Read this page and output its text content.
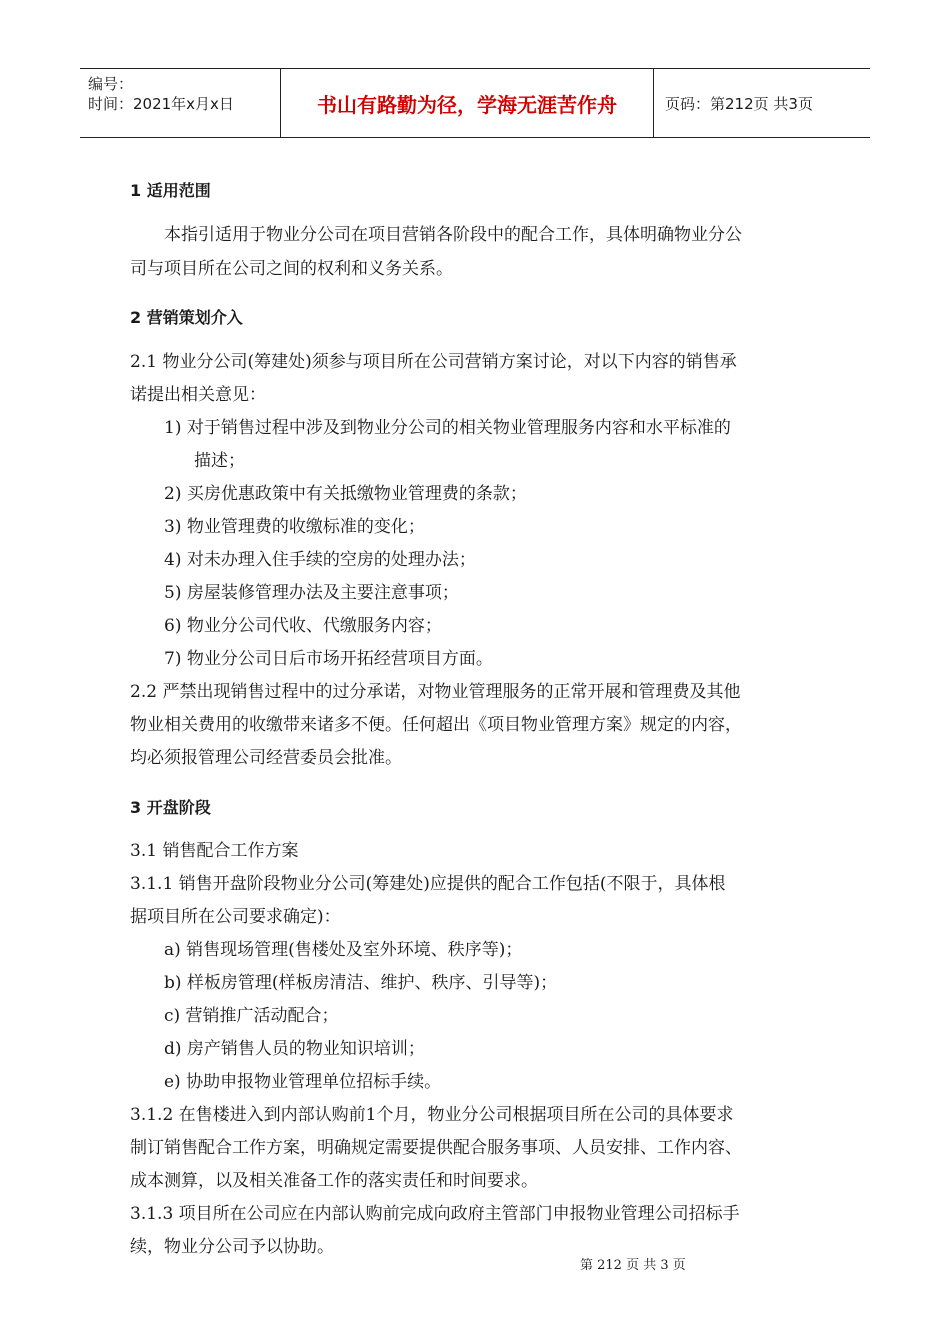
编号：
时间：2021年x月x日	书山有路勤为径，学海无涯苦作舟	页码：第212页 共3页
1 适用范围
本指引适用于物业分公司在项目营销各阶段中的配合工作，具体明确物业分公
司与项目所在公司之间的权利和义务关系。
2 营销策划介入
2.1 物业分公司(筹建处)须参与项目所在公司营销方案讨论，对以下内容的销售承
诺提出相关意见：
1) 对于销售过程中涉及到物业分公司的相关物业管理服务内容和水平标准的
描述；
2) 买房优惠政策中有关抵缴物业管理费的条款；
3) 物业管理费的收缴标准的变化；
4) 对未办理入住手续的空房的处理办法；
5) 房屋装修管理办法及主要注意事项；
6) 物业分公司代收、代缴服务内容；
7) 物业分公司日后市场开拓经营项目方面。
2.2 严禁出现销售过程中的过分承诺，对物业管理服务的正常开展和管理费及其他
物业相关费用的收缴带来诸多不便。任何超出《项目物业管理方案》规定的内容，
均必须报管理公司经营委员会批准。
3 开盘阶段
3.1 销售配合工作方案
3.1.1 销售开盘阶段物业分公司(筹建处)应提供的配合工作包括(不限于，具体根
据项目所在公司要求确定)：
a) 销售现场管理(售楼处及室外环境、秩序等)；
b) 样板房管理(样板房清洁、维护、秩序、引导等)；
c) 营销推广活动配合；
d) 房产销售人员的物业知识培训；
e) 协助申报物业管理单位招标手续。
3.1.2 在售楼进入到内部认购前1个月，物业分公司根据项目所在公司的具体要求
制订销售配合工作方案，明确规定需要提供配合服务事项、人员安排、工作内容、
成本测算，以及相关准备工作的落实责任和时间要求。
3.1.3 项目所在公司应在内部认购前完成向政府主管部门申报物业管理公司招标手
续，物业分公司予以协助。
第 212 页 共 3 页
